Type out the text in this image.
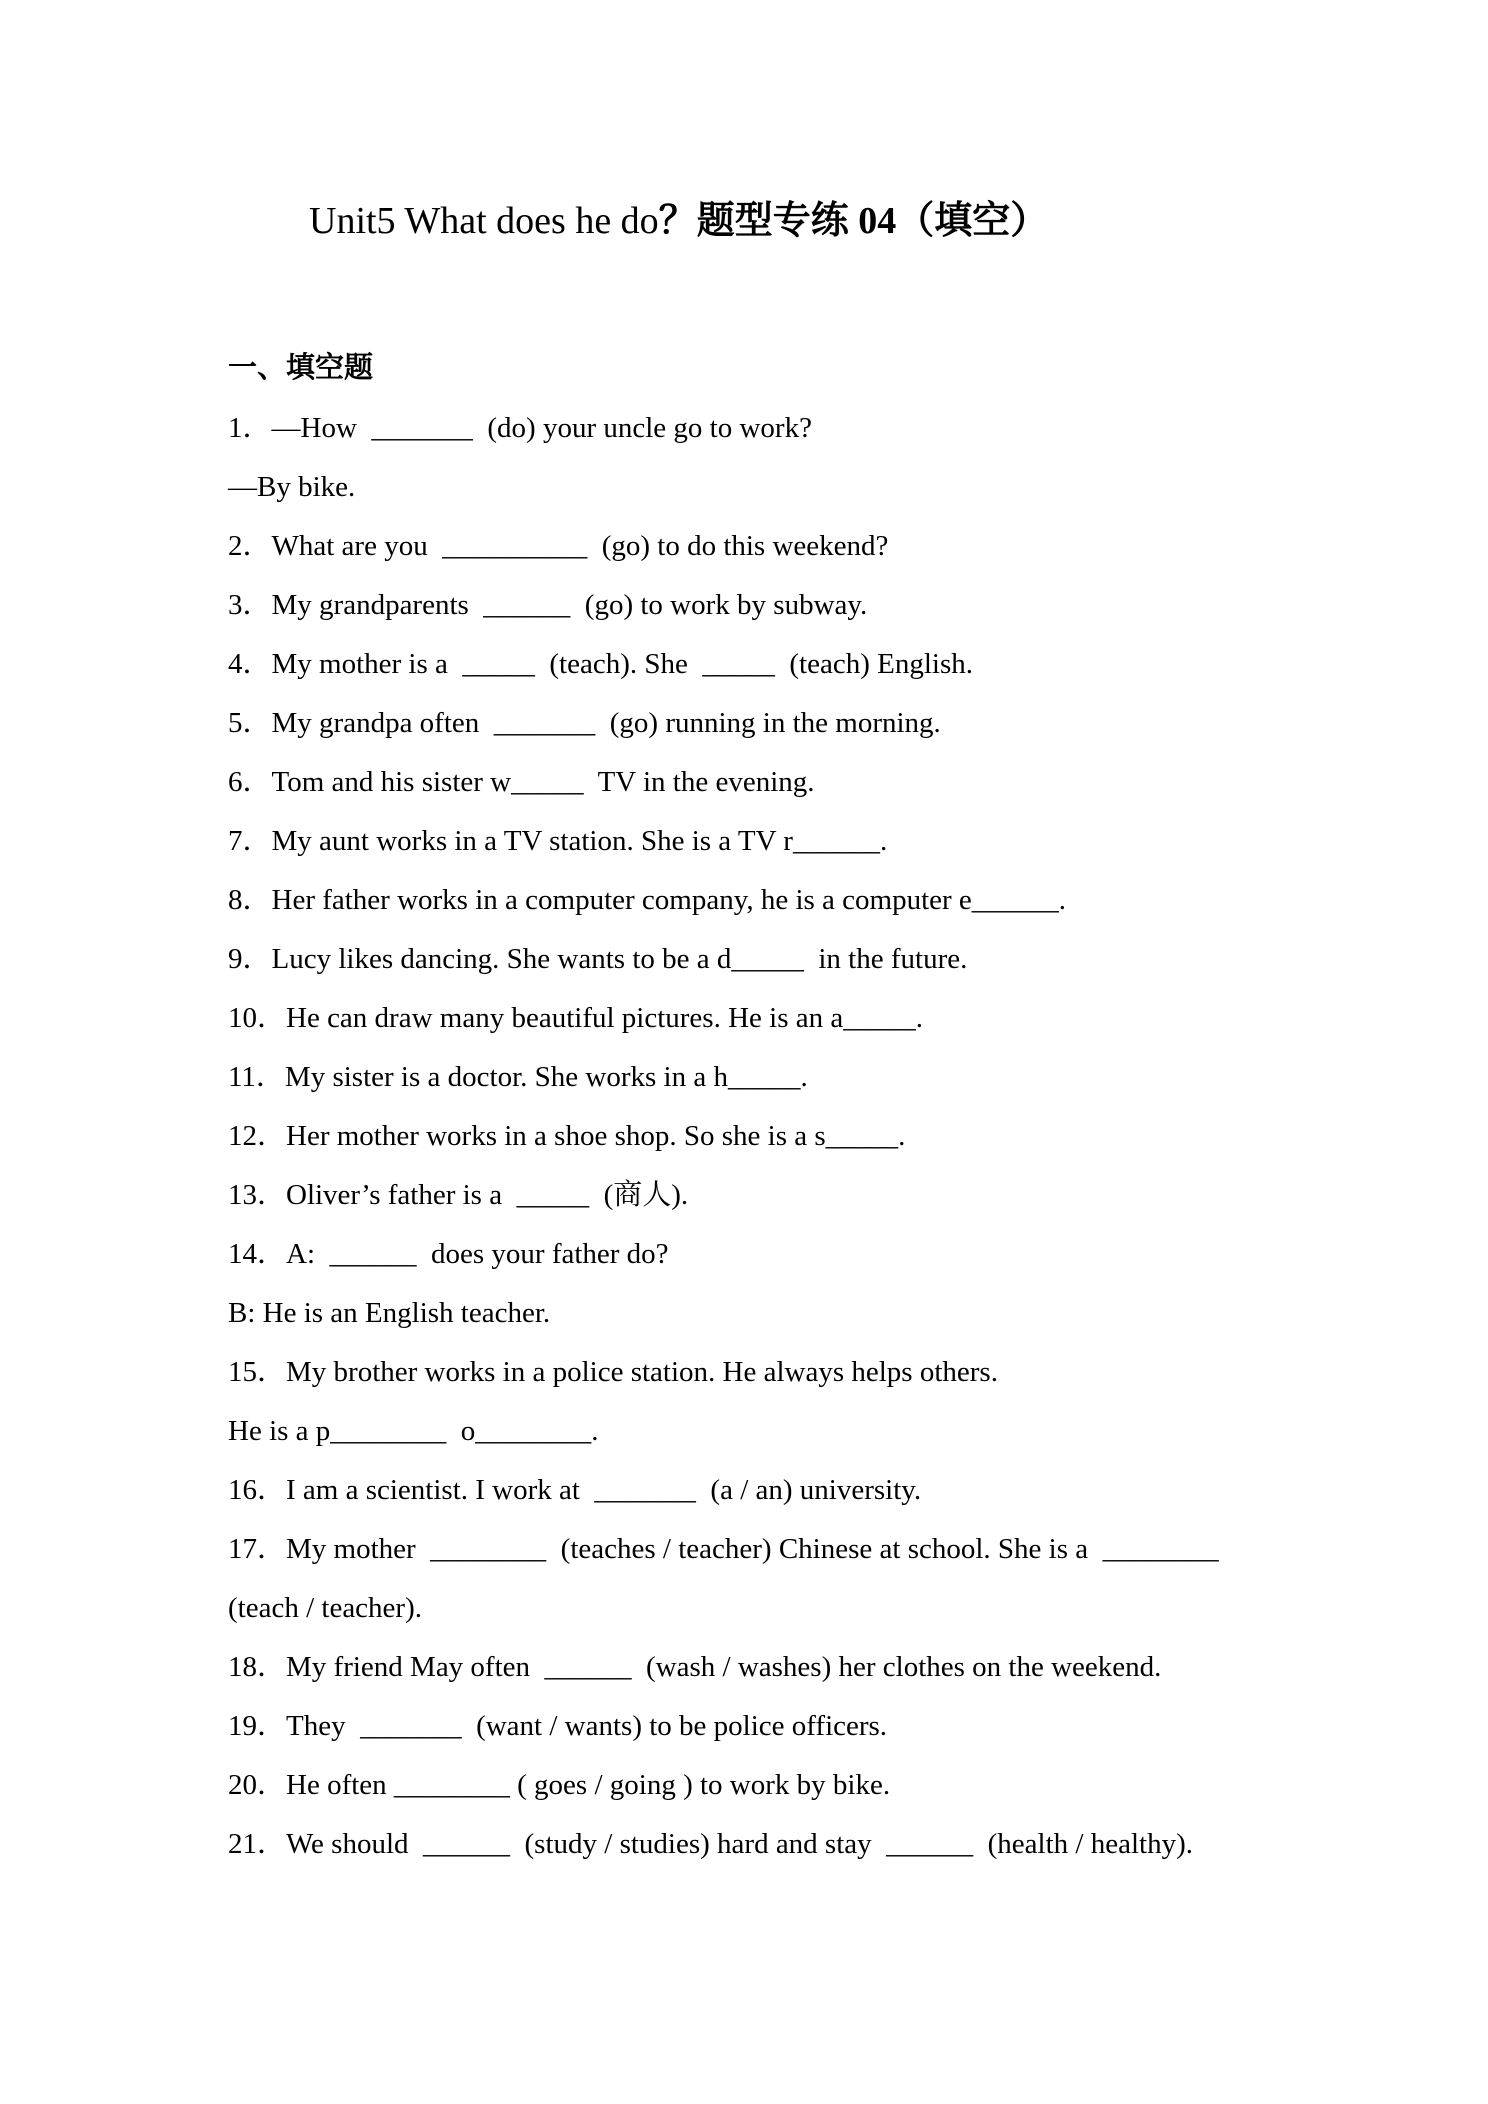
Unit5 What does he do？题型专练 04（填空）
一、填空题
1．—How  _______  (do) your uncle go to work?
—By bike.
2．What are you  __________  (go) to do this weekend?
3．My grandparents  ______  (go) to work by subway.
4．My mother is a  _____  (teach). She  _____  (teach) English.
5．My grandpa often  _______  (go) running in the morning.
6．Tom and his sister w_____  TV in the evening.
7．My aunt works in a TV station. She is a TV r______.
8．Her father works in a computer company, he is a computer e______.
9．Lucy likes dancing. She wants to be a d_____  in the future.
10．He can draw many beautiful pictures. He is an a_____.
11．My sister is a doctor. She works in a h_____.
12．Her mother works in a shoe shop. So she is a s_____.
13．Oliver’s father is a  _____  (商人).
14．A:  ______  does your father do?
B: He is an English teacher.
15．My brother works in a police station. He always helps others.
He is a p________  o________.
16．I am a scientist. I work at  _______  (a / an) university.
17．My mother  ________  (teaches / teacher) Chinese at school. She is a  ________
(teach / teacher).
18．My friend May often  ______  (wash / washes) her clothes on the weekend.
19．They  _______  (want / wants) to be police officers.
20．He often ________ ( goes / going ) to work by bike.
21．We should  ______  (study / studies) hard and stay  ______  (health / healthy).
